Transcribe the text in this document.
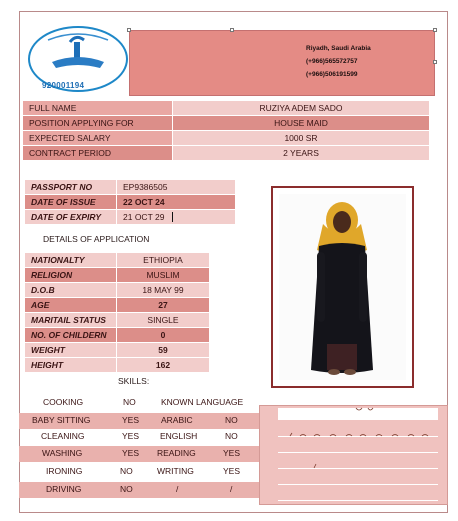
920001194
Riyadh, Saudi Arabia
(+966)565572757
(+966)506191599
FULL NAME	RUZIYA ADEM SADO
POSITION APPLYING FOR	HOUSE MAID
EXPECTED SALARY	1000 SR
CONTRACT PERIOD	2 YEARS
PASSPORT NO	EP9386505
DATE OF ISSUE	22 OCT 24
DATE OF EXPIRY	21 OCT 29
DETAILS OF APPLICATION
NATIONALTY	ETHIOPIA
RELIGION	MUSLIM
D.O.B	18 MAY 99
AGE	27
MARITAIL STATUS	SINGLE
NO. OF CHILDERN	0
WEIGHT	59
HEIGHT	162
SKILLS:
COOKING	NO	KNOWN LANGUAGE
BABY SITTING	YES	ARABIC	NO
CLEANING	YES ENGLISH	NO
WASHING	YES READING	YES
IRONING	NO	WRITING	YES
DRIVING	NO	/	/
